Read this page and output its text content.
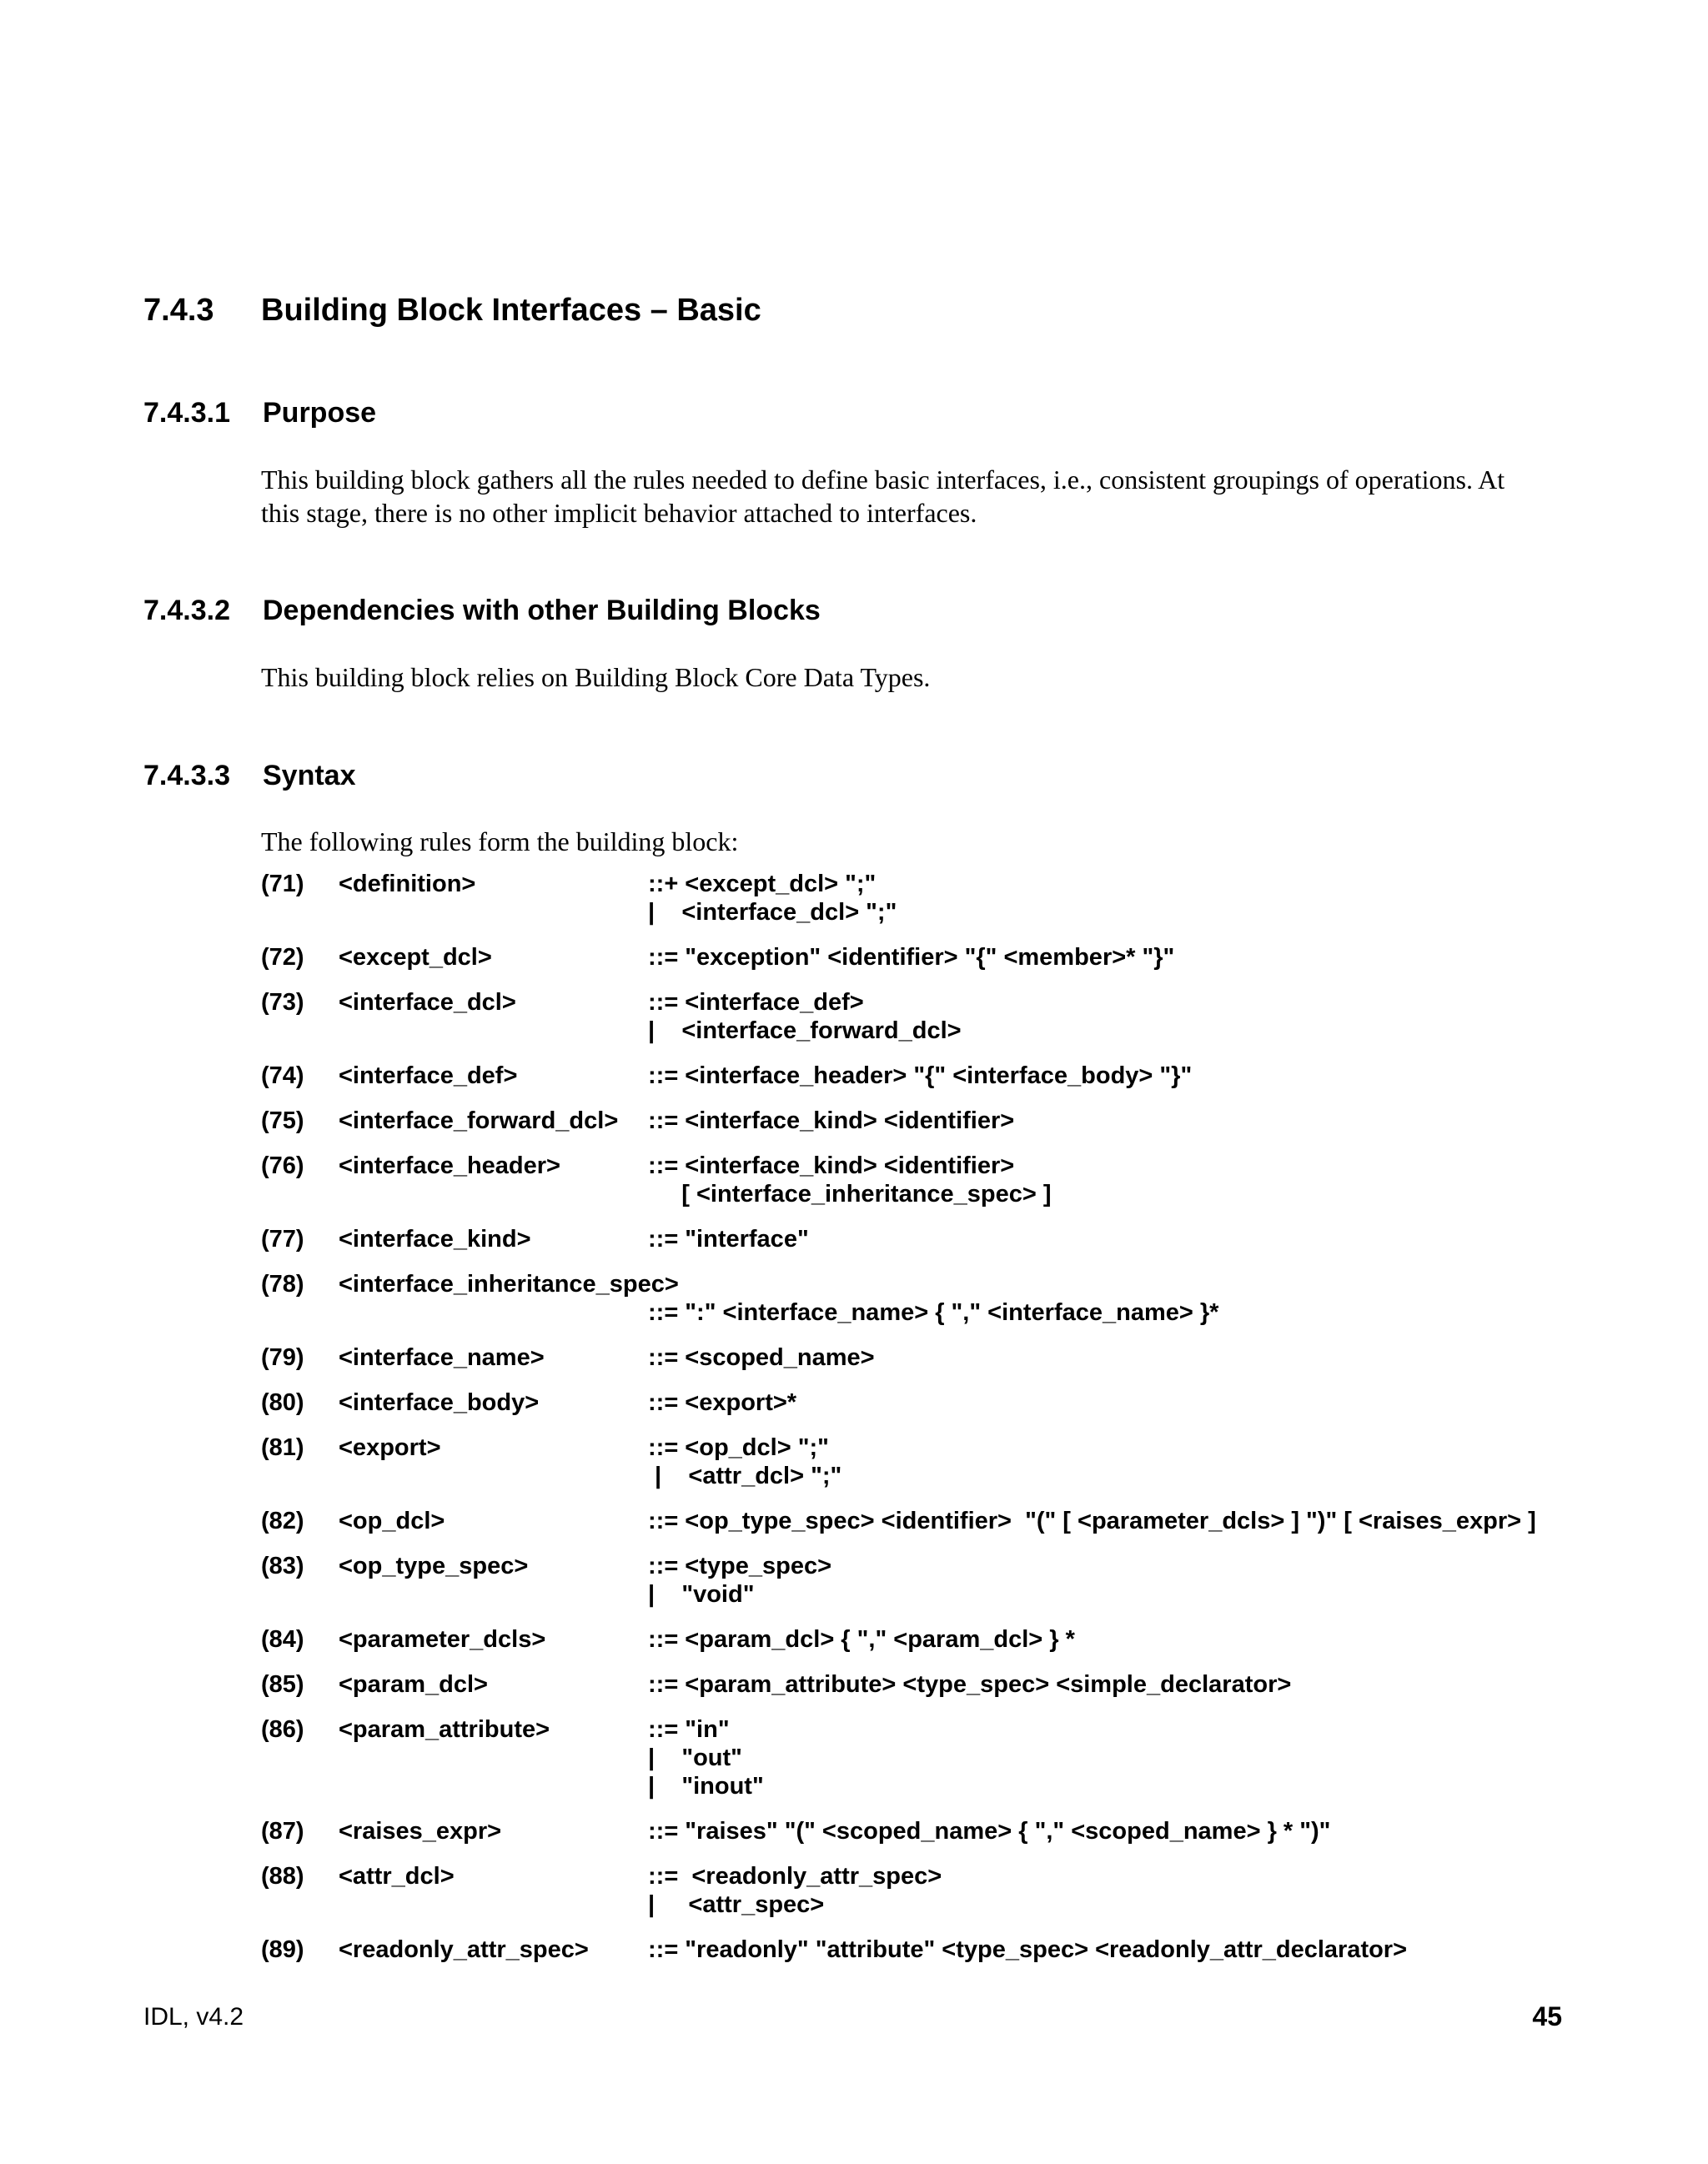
7.4.3 Building Block Interfaces – Basic
7.4.3.1 Purpose
This building block gathers all the rules needed to define basic interfaces, i.e., consistent groupings of operations. At
this stage, there is no other implicit behavior attached to interfaces.
7.4.3.2 Dependencies with other Building Blocks
This building block relies on Building Block Core Data Types.
7.4.3.3 Syntax
The following rules form the building block:
(71) <definition>	::+ <except_dcl> ";"
|    <interface_dcl> ";"
(72) <except_dcl>	::= "exception" <identifier> "{" <member>* "}"
(73) <interface_dcl>	::= <interface_def>
|    <interface_forward_dcl>
(74) <interface_def>	::= <interface_header> "{" <interface_body> "}"
(75) <interface_forward_dcl> ::= <interface_kind> <identifier>
(76) <interface_header>	::= <interface_kind> <identifier>
[ <interface_inheritance_spec> ]
(77) <interface_kind>	::= "interface"
(78) <interface_inheritance_spec>
::= ":" <interface_name> { "," <interface_name> }*
(79) <interface_name>	::= <scoped_name>
(80) <interface_body>	::= <export>*
(81) <export>	::= <op_dcl> ";"
|    <attr_dcl> ";"
(82) <op_dcl>	::= <op_type_spec> <identifier>  "(" [ <parameter_dcls> ] ")" [ <raises_expr> ]
(83) <op_type_spec>	::= <type_spec>
|    "void"
(84) <parameter_dcls>	::= <param_dcl> { "," <param_dcl> } *
(85) <param_dcl>	::= <param_attribute> <type_spec> <simple_declarator>
(86) <param_attribute>	::= "in"
|    "out"
|    "inout"
(87) <raises_expr>	::= "raises" "(" <scoped_name> { "," <scoped_name> } * ")"
(88) <attr_dcl>	::=  <readonly_attr_spec>
|     <attr_spec>
(89) <readonly_attr_spec> ::= "readonly" "attribute" <type_spec> <readonly_attr_declarator>
IDL, v4.2	45
